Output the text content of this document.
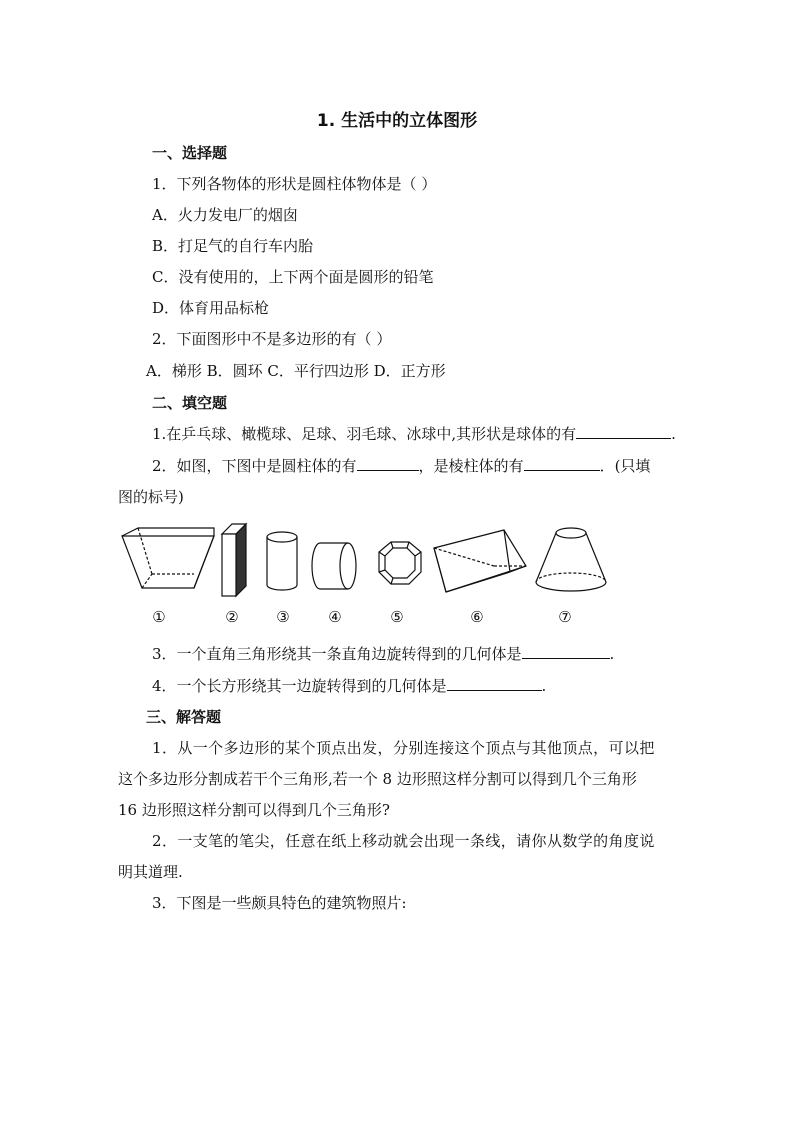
1. 生活中的立体图形
一、选择题
1．下列各物体的形状是圆柱体物体是（ ）
A．火力发电厂的烟囱
B．打足气的自行车内胎
C．没有使用的，上下两个面是圆形的铅笔
D．体育用品标枪
2．下面图形中不是多边形的有（ ）
A．梯形 B．圆环 C．平行四边形 D．正方形
二、填空题
1.在乒乓球、橄榄球、足球、羽毛球、冰球中,其形状是球体的有	.
2．如图，下图中是圆柱体的有	，是棱柱体的有	．(只填
图的标号)
①	②	③	④	⑤	⑥	⑦
3．一个直角三角形绕其一条直角边旋转得到的几何体是	.
4．一个长方形绕其一边旋转得到的几何体是	.
三、解答题
1．从一个多边形的某个顶点出发，分别连接这个顶点与其他顶点，可以把
这个多边形分割成若干个三角形,若一个 8 边形照这样分割可以得到几个三角形
16 边形照这样分割可以得到几个三角形?
2．一支笔的笔尖，任意在纸上移动就会出现一条线，请你从数学的角度说
明其道理.
3．下图是一些颇具特色的建筑物照片:
